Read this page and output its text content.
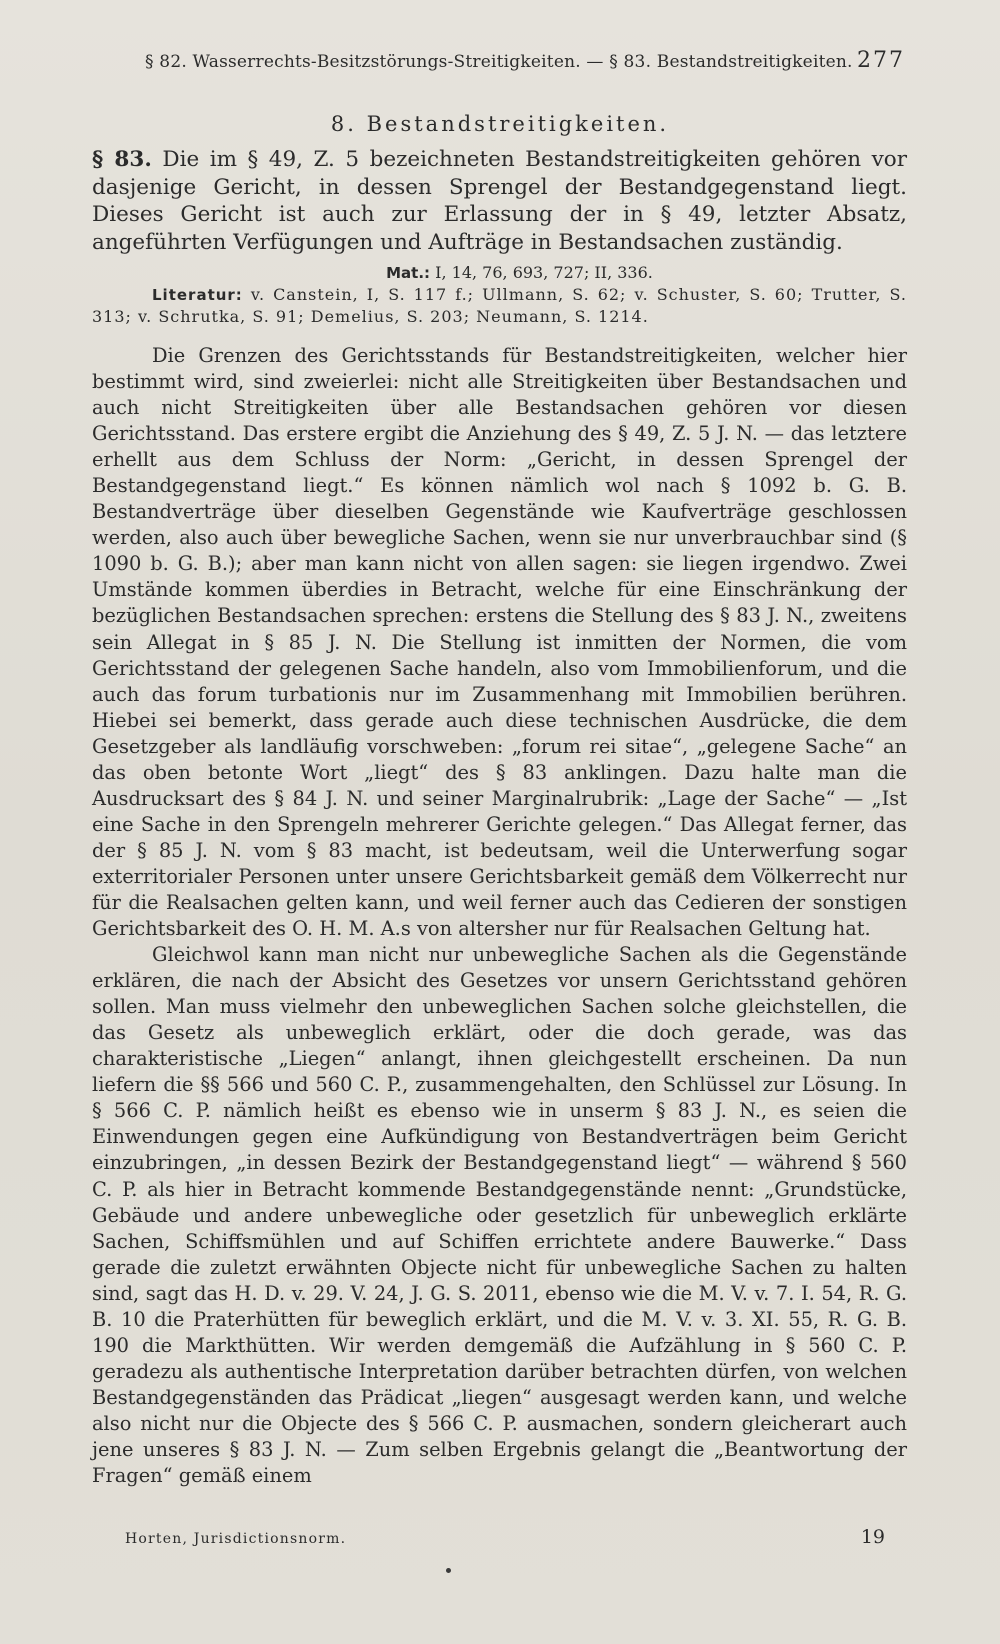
§ 82. Wasserrechts-Besitzstörungs-Streitigkeiten. — § 83. Bestandstreitigkeiten. 277
8. Bestandstreitigkeiten.
§ 83. Die im § 49, Z. 5 bezeichneten Bestandstreitigkeiten gehören vor dasjenige Gericht, in dessen Sprengel der Bestandgegenstand liegt. Dieses Gericht ist auch zur Erlassung der in § 49, letzter Absatz, angeführten Verfügungen und Aufträge in Bestandsachen zuständig.
Mat.: I, 14, 76, 693, 727; II, 336.
Literatur: v. Canstein, I, S. 117 f.; Ullmann, S. 62; v. Schuster, S. 60; Trutter, S. 313; v. Schrutka, S. 91; Demelius, S. 203; Neumann, S. 1214.

Die Grenzen des Gerichtsstands für Bestandstreitigkeiten, welcher hier bestimmt wird, sind zweierlei: nicht alle Streitigkeiten über Bestandsachen und auch nicht Streitigkeiten über alle Bestandsachen gehören vor diesen Gerichtsstand. Das erstere ergibt die Anziehung des § 49, Z. 5 J. N. — das letztere erhellt aus dem Schluss der Norm: „Gericht, in dessen Sprengel der Bestandgegenstand liegt.“ Es können nämlich wol nach § 1092 b. G. B. Bestandverträge über dieselben Gegenstände wie Kaufverträge geschlossen werden, also auch über bewegliche Sachen, wenn sie nur unverbrauchbar sind (§ 1090 b. G. B.); aber man kann nicht von allen sagen: sie liegen irgendwo. Zwei Umstände kommen überdies in Betracht, welche für eine Einschränkung der bezüglichen Bestandsachen sprechen: erstens die Stellung des § 83 J. N., zweitens sein Allegat in § 85 J. N. Die Stellung ist inmitten der Normen, die vom Gerichtsstand der gelegenen Sache handeln, also vom Immobilienforum, und die auch das forum turbationis nur im Zusammenhang mit Immobilien berühren. Hiebei sei bemerkt, dass gerade auch diese technischen Ausdrücke, die dem Gesetzgeber als landläufig vorschweben: „forum rei sitae“, „gelegene Sache“ an das oben betonte Wort „liegt“ des § 83 anklingen. Dazu halte man die Ausdrucksart des § 84 J. N. und seiner Marginalrubrik: „Lage der Sache“ — „Ist eine Sache in den Sprengeln mehrerer Gerichte gelegen.“ Das Allegat ferner, das der § 85 J. N. vom § 83 macht, ist bedeutsam, weil die Unterwerfung sogar exterritorialer Personen unter unsere Gerichtsbarkeit gemäß dem Völkerrecht nur für die Realsachen gelten kann, und weil ferner auch das Cedieren der sonstigen Gerichtsbarkeit des O. H. M. A.s von altersher nur für Realsachen Geltung hat.

Gleichwol kann man nicht nur unbewegliche Sachen als die Gegenstände erklären, die nach der Absicht des Gesetzes vor unsern Gerichtsstand gehören sollen. Man muss vielmehr den unbeweglichen Sachen solche gleichstellen, die das Gesetz als unbeweglich erklärt, oder die doch gerade, was das charakteristische „Liegen“ anlangt, ihnen gleichgestellt erscheinen. Da nun liefern die §§ 566 und 560 C. P., zusammengehalten, den Schlüssel zur Lösung. In § 566 C. P. nämlich heißt es ebenso wie in unserm § 83 J. N., es seien die Einwendungen gegen eine Aufkündigung von Bestandverträgen beim Gericht einzubringen, „in dessen Bezirk der Bestandgegenstand liegt“ — während § 560 C. P. als hier in Betracht kommende Bestandgegenstände nennt: „Grundstücke, Gebäude und andere unbewegliche oder gesetzlich für unbeweglich erklärte Sachen, Schiffsmühlen und auf Schiffen errichtete andere Bauwerke.“ Dass gerade die zuletzt erwähnten Objecte nicht für unbewegliche Sachen zu halten sind, sagt das H. D. v. 29. V. 24, J. G. S. 2011, ebenso wie die M. V. v. 7. I. 54, R. G. B. 10 die Praterhütten für beweglich erklärt, und die M. V. v. 3. XI. 55, R. G. B. 190 die Markthütten. Wir werden demgemäß die Aufzählung in § 560 C. P. geradezu als authentische Interpretation darüber betrachten dürfen, von welchen Bestandgegenständen das Prädicat „liegen“ ausgesagt werden kann, und welche also nicht nur die Objecte des § 566 C. P. ausmachen, sondern gleicherart auch jene unseres § 83 J. N. — Zum selben Ergebnis gelangt die „Beantwortung der Fragen“ gemäß einem

Horten, Jurisdictionsnorm.	19
